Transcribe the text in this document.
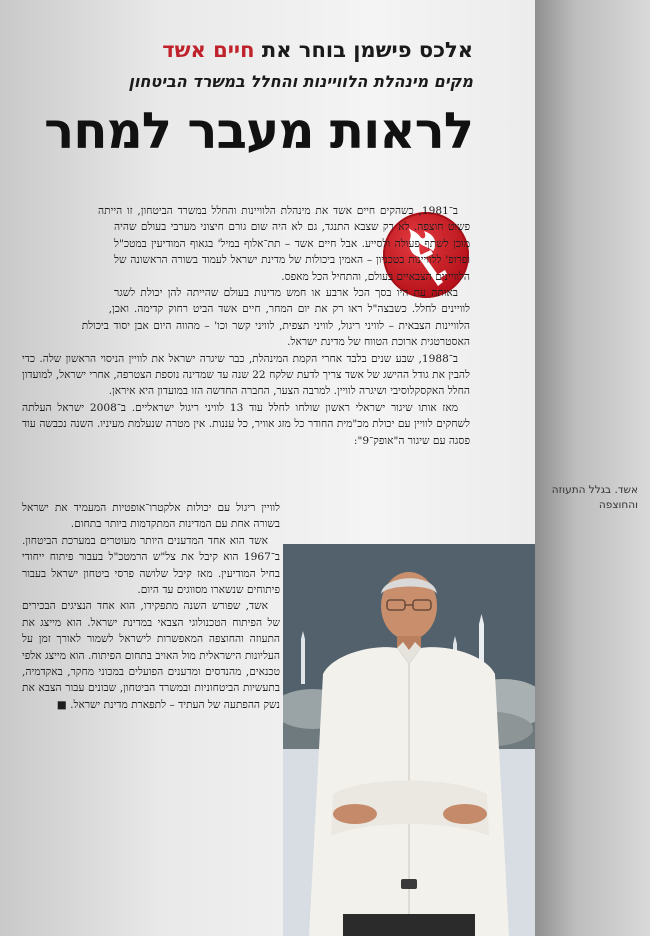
אלכס פישמן בוחר את חיים אשד
מקים מינהלת הלוויינות והחלל במשרד הביטחון
לראות מעבר למחר

ב־1981, כשהקים חיים אשד את מינהלת הלוויינות והחלל במשרד הביטחון, זו הייתה פשוט חוצפה. לא רק שצבא התנגד, גם לא היה שום גורם חיצוני מערבי בעולם שהיה מוכן לשתף פעולה ולסייע. אבל חיים אשד – תת־אלוף במיל' בגאוף המודיעין במטכ"ל ופרופ' ללוויינות בטכניון – האמין ביכולות של מדינת ישראל לעמוד בשורה הראשונה של הלוויינים הצבאיים בעולם, והתחיל הכל מאפס.

באותה עת היו בסך הכל ארבע או חמש מדינות בעולם שהייתה להן יכולת לשגר לוויינים לחלל. כשבצה"ל ראו רק את יום המחר, חיים אשד הביט רחוק קדימה. ואכן, הלוויינות הצבאית – לוויני ריגול, לוויני תצפית, לוויני קשר וכו' – מהווה היום אבן יסוד ביכולת האסטרטגית ארוכת הטווח של מדינת ישראל.

ב־1988, שבע שנים בלבד אחרי הקמת המינהלת, כבר שיגרה ישראל את לוויין הניסוי הראשון שלה. כדי להבין את גודל ההישג של אשד צריך לדעת שלקח 22 שנה עד שמדינה נוספת הצטרפה, אחרי ישראל, למועדון החלל האקסקלוסיבי ושיגרה לוויין. למרבה הצער, החברה החדשה הזו במועדון היא איראן.

מאז אותו שיגור ישראלי ראשון שולחו לחלל עוד 13 לוויני ריגול ישראליים. ב־2008 ישראל העלתה לשחקים לוויין עם יכולת מכ"מית החודר כל מזג אוויר, כל עננות. אין מטרה שנעלמת מעיניו. השנה נכבשה עוד פסגה עם שיגור ה"אופק־9":

לוויין ריגול עם יכולות אלקטרו־אופטיות המעמיד את ישראל בשורה אחת עם המדינות המתקדמות ביותר בתחום.

אשד הוא אחד המדענים היותר מעוטרים במערכת הביטחון. ב־1967 הוא קיבל את צל"ש הרמטכ"ל בעבור פיתוח ייחודי בחיל המודיעין. מאז קיבל שלושה פרסי ביטחון ישראל בעבור פיתוחים שנשארו מסווגים עד היום.

אשד, שפורש השנה מתפקידו, הוא אחד הנציגים הבכירים של הפיתוח הטכנולוגי הצבאי במדינת ישראל. הוא מייצג את התעוזה והחוצפה המאפשרות לישראל לשמור לאורך זמן על העליונות הישראלית מול האויב בתחום הפיתוח. הוא מייצג אלפי טכנאים, מהנדסים ומדענים הפועלים במכוני מחקר, באקדמיה, בתעשיות הביטחוניות ובמשרד הביטחון, שבונים עבור הצבא את נשק ההפתעה של העתיד – לתפארת מדינת ישראל. ■

אשד. בגלל התעוזה והחוצפה
